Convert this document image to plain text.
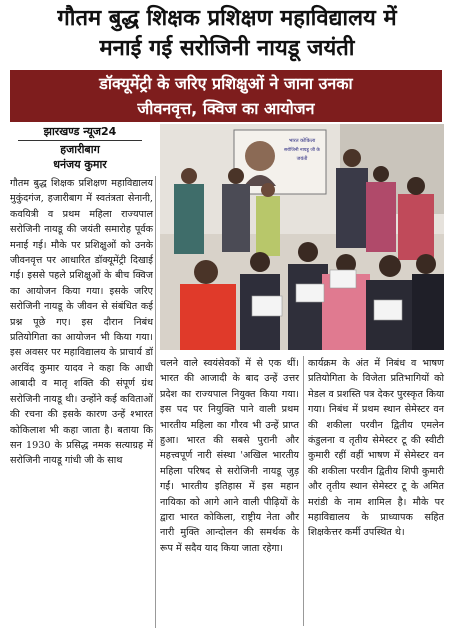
गौतम बुद्ध शिक्षक प्रशिक्षण महाविद्यालय में
मनाई गई सरोजिनी नायडू जयंती
डॉक्यूमेंट्री के जरिए प्रशिक्षुओं ने जाना उनका
जीवनवृत्त, क्विज का आयोजन
झारखण्ड न्यूज24
हजारीबाग
धनंजय कुमार
भारत कोकिला
सरोजिनी नायडू जी के
जयंती
गौतम बुद्ध शिक्षक प्रशिक्षण महाविद्यालय मुकुंदगंज, हजारीबाग में स्वतंत्रता सेनानी, कवयित्री व प्रथम महिला राज्यपाल सरोजिनी नायडू की जयंती समारोह पूर्वक मनाई गई। मौके पर प्रशिक्षुओं को उनके जीवनवृत्त पर आधारित डॉक्यूमेंट्री दिखाई गई। इससे पहले प्रशिक्षुओं के बीच क्विज का आयोजन किया गया। इसके जरिए सरोजिनी नायडू के जीवन से संबंधित कई प्रश्न पूछे गए। इस दौरान निबंध प्रतियोगिता का आयोजन भी किया गया। इस अवसर पर महाविद्यालय के प्राचार्य डॉ अरविंद कुमार यादव ने कहा कि आधी आबादी व मातृ शक्ति की संपूर्ण ग्रंथ सरोजिनी नायडू थी। उन्होंने कई कविताओं की रचना की इसके कारण उन्हें श्भारत कोकिलाश भी कहा जाता है। बताया कि सन 1930 के प्रसिद्ध नमक सत्याग्रह में सरोजिनी नायडू गांधी जी के साथ
चलने वाले स्वयंसेवकों में से एक थीं। भारत की आजादी के बाद उन्हें उत्तर प्रदेश का राज्यपाल नियुक्त किया गया। इस पद पर नियुक्ति पाने वाली प्रथम भारतीय महिला का गौरव भी उन्हें प्राप्त हुआ। भारत की सबसे पुरानी और महत्त्वपूर्ण नारी संस्था 'अखिल भारतीय महिला परिषद से सरोजिनी नायडू जुड़ गईं। भारतीय इतिहास में इस महान नायिका को आगे आने वाली पीढ़ियों के द्वारा भारत कोकिला, राष्ट्रीय नेता और नारी मुक्ति आन्दोलन की समर्थक के रूप में सदैव याद किया जाता रहेगा।
कार्यक्रम के अंत में निबंध व भाषण प्रतियोगिता के विजेता प्रतिभागियों को मेडल व प्रशस्ति पत्र देकर पुरस्कृत किया गया। निबंध में प्रथम स्थान सेमेस्टर वन की शकीला परवीन द्वितीय एमलेन कंडुलना व तृतीय सेमेस्टर टू की स्वीटी कुमारी रहीं वहीं भाषण में सेमेस्टर वन की शकीला परवीन द्वितीय शिपी कुमारी और तृतीय स्थान सेमेस्टर टू के अमित मरांडी के नाम शामिल है। मौके पर महाविद्यालय के प्राध्यापक सहित शिक्षकेत्तर कर्मी उपस्थित थे।
